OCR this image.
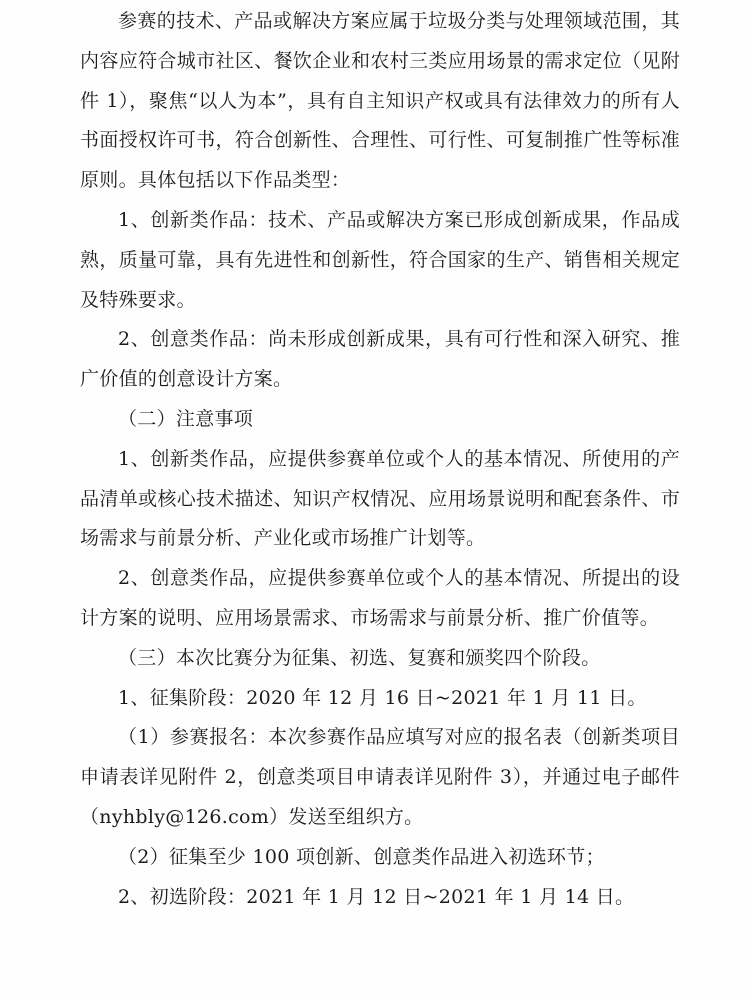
参赛的技术、产品或解决方案应属于垃圾分类与处理领域范围，其内容应符合城市社区、餐饮企业和农村三类应用场景的需求定位（见附件 1），聚焦“以人为本”，具有自主知识产权或具有法律效力的所有人书面授权许可书，符合创新性、合理性、可行性、可复制推广性等标准原则。具体包括以下作品类型：

1、创新类作品：技术、产品或解决方案已形成创新成果，作品成熟，质量可靠，具有先进性和创新性，符合国家的生产、销售相关规定及特殊要求。

2、创意类作品：尚未形成创新成果，具有可行性和深入研究、推广价值的创意设计方案。

（二）注意事项

1、创新类作品，应提供参赛单位或个人的基本情况、所使用的产品清单或核心技术描述、知识产权情况、应用场景说明和配套条件、市场需求与前景分析、产业化或市场推广计划等。

2、创意类作品，应提供参赛单位或个人的基本情况、所提出的设计方案的说明、应用场景需求、市场需求与前景分析、推广价值等。

（三）本次比赛分为征集、初选、复赛和颁奖四个阶段。

1、征集阶段：2020 年 12 月 16 日~2021 年 1 月 11 日。

（1）参赛报名：本次参赛作品应填写对应的报名表（创新类项目申请表详见附件 2，创意类项目申请表详见附件 3），并通过电子邮件（nyhbly@126.com）发送至组织方。

（2）征集至少 100 项创新、创意类作品进入初选环节；

2、初选阶段：2021 年 1 月 12 日~2021 年 1 月 14 日。
